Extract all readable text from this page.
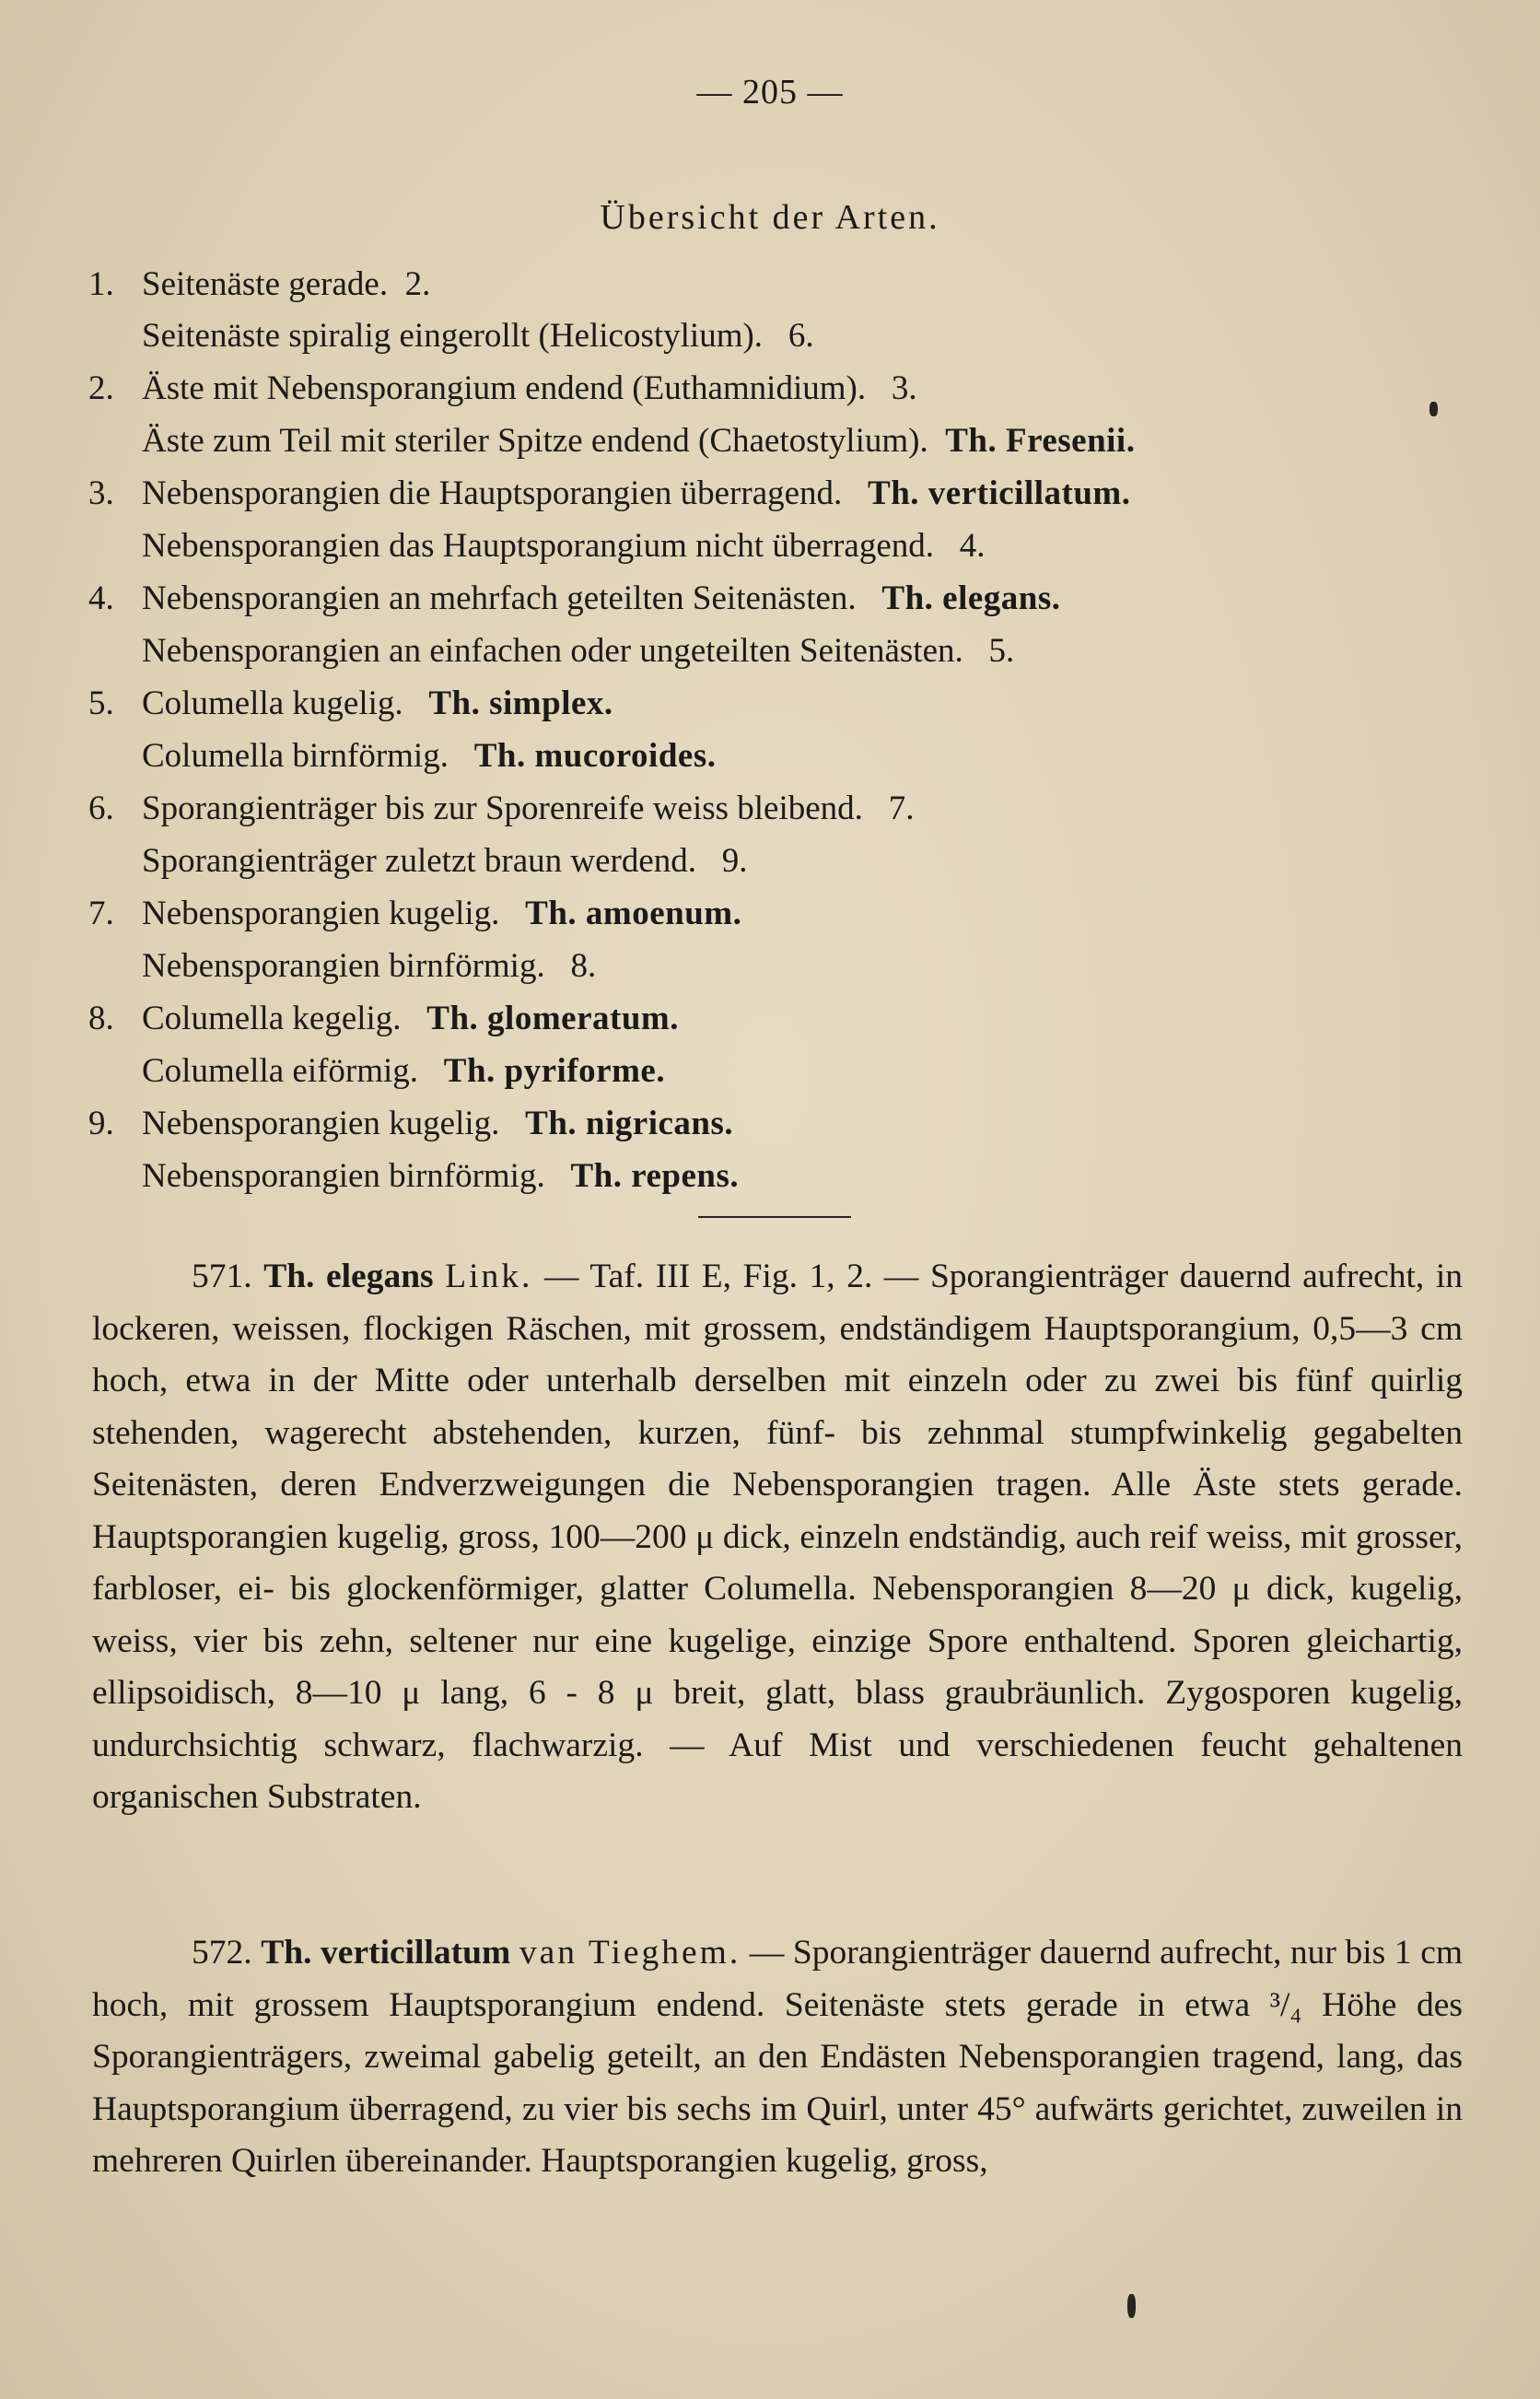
— 205 —
Übersicht der Arten.
1. Seitenäste gerade. 2.
Seitenäste spiralig eingerollt (Helicostylium). 6.
2. Äste mit Nebensporangium endend (Euthamnidium). 3.
Äste zum Teil mit steriler Spitze endend (Chaetostylium). Th. Fresenii.
3. Nebensporangien die Hauptsporangien überragend. Th. verticillatum.
Nebensporangien das Hauptsporangium nicht überragend. 4.
4. Nebensporangien an mehrfach geteilten Seitenästen. Th. elegans.
Nebensporangien an einfachen oder ungeteilten Seitenästen. 5.
5. Columella kugelig. Th. simplex.
Columella birnförmig. Th. mucoroides.
6. Sporangienträger bis zur Sporenreife weiss bleibend. 7.
Sporangienträger zuletzt braun werdend. 9.
7. Nebensporangien kugelig. Th. amoenum.
Nebensporangien birnförmig. 8.
8. Columella kegelig. Th. glomeratum.
Columella eiförmig. Th. pyriforme.
9. Nebensporangien kugelig. Th. nigricans.
Nebensporangien birnförmig. Th. repens.
571. Th. elegans Link. — Taf. III E, Fig. 1, 2. — Sporangienträger dauernd aufrecht, in lockeren, weissen, flockigen Räschen, mit grossem, endständigem Hauptsporangium, 0,5—3 cm hoch, etwa in der Mitte oder unterhalb derselben mit einzeln oder zu zwei bis fünf quirlig stehenden, wagerecht abstehenden, kurzen, fünf- bis zehnmal stumpfwinkelig gegabelten Seitenästen, deren Endverzweigungen die Nebensporangien tragen. Alle Äste stets gerade. Hauptsporangien kugelig, gross, 100—200 μ dick, einzeln endständig, auch reif weiss, mit grosser, farbloser, ei- bis glockenförmiger, glatter Columella. Nebensporangien 8—20 μ dick, kugelig, weiss, vier bis zehn, seltener nur eine kugelige, einzige Spore enthaltend. Sporen gleichartig, ellipsoidisch, 8—10 μ lang, 6 - 8 μ breit, glatt, blass graubräunlich. Zygosporen kugelig, undurchsichtig schwarz, flachwarzig. — Auf Mist und verschiedenen feucht gehaltenen organischen Substraten.
572. Th. verticillatum van Tieghem. — Sporangienträger dauernd aufrecht, nur bis 1 cm hoch, mit grossem Hauptsporangium endend. Seitenäste stets gerade in etwa ³/₄ Höhe des Sporangienträgers, zweimal gabelig geteilt, an den Endästen Nebensporangien tragend, lang, das Hauptsporangium überragend, zu vier bis sechs im Quirl, unter 45° aufwärts gerichtet, zuweilen in mehreren Quirlen übereinander. Hauptsporangien kugelig, gross,
